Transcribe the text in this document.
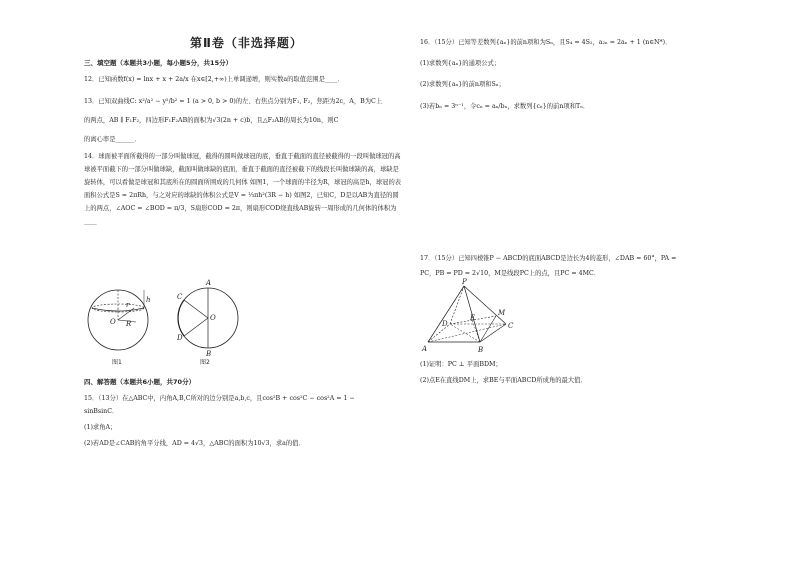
第Ⅱ卷（非选择题）
三、填空题（本题共3小题，每小题5分，共15分）
12．已知函数f(x) = lnx + x + 2a/x 在x∈[2,+∞)上单调递增，则实数a的取值范围是____．
13．已知双曲线C: x²/a² − y²/b² = 1 (a > 0, b > 0)的左、右焦点分别为F₁, F₂，焦距为2c，A，B为C上
的两点，AB ∥ F₁F₂，四边形F₁F₂AB的面积为√3(2n + c)b，且△F₂AB的周长为10n，则C
的离心率是______．
14．球面被平面所截得的一部分叫做球冠，截得的圆叫做球冠的底，垂直于截面的直径被截得的一段叫做球冠的高 球被平面截下的一部分叫做球缺，截面叫做球缺的底面，垂直于截面的直径被截下的线段长叫做球缺的高，球缺是旋转体，可以看做是球冠和其底所在的圆面所围成的几何体 如图1，一个球面的半径为R，球冠的高是h，球冠的表面积公式是S = 2πRh，与之对应的球缺的体积公式是V = ⅓πh²(3R − h) 如图2，已知C，D是以AB为直径的圆上的两点，∠AOC = ∠BOD = π/3，S扇形COD = 2π，则扇形COD绕直线AB旋转一周形成的几何体的体积为____
h
r
O R
图1
A
B
C
D
O
图2
四、解答题（本题共6小题，共70分）
15．（13分）在△ABC中，内角A,B,C所对的边分别是a,b,c，且cos²B + cos²C − cos²A = 1 −
sinBsinC．
(1)求角A；
(2)若AD是∠CAB的角平分线，AD = 4√3，△ABC的面积为10√3，求a的值．
16．（15分）已知等差数列{aₙ}的前n项和为Sₙ，且S₄ = 4S₂，a₂ₙ = 2aₙ + 1 (n∈N*)．
(1)求数列{aₙ}的通项公式；
(2)求数列{aₙ}的前n项和Sₙ；
(3)若bₙ = 3ⁿ⁻¹，令cₙ = aₙ/bₙ，求数列{cₙ}的前n项和Tₙ．
17．（15分）已知四棱锥P − ABCD的底面ABCD是边长为4的菱形，∠DAB = 60°，PA =
PC，PB = PD = 2√10，M是线段PC上的点，且PC = 4MC．
P
A	B
C
D
E
M
(1)证明：PC ⊥ 平面BDM；
(2)点E在直线DM上，求BE与平面ABCD所成角的最大值．
